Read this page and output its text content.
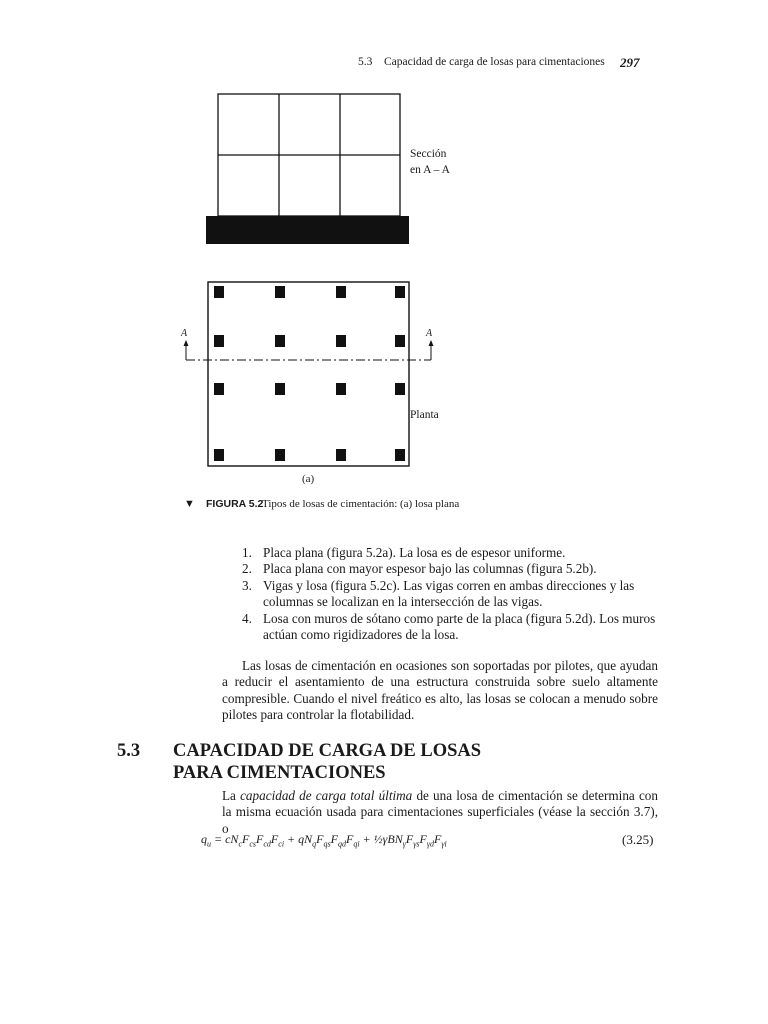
5.3 Capacidad de carga de losas para cimentaciones 297
Sección
en A – A
Planta
A	A
(a)
▼ FIGURA 5.2Tipos de losas de cimentación: (a) losa plana
1. Placa plana (figura 5.2a). La losa es de espesor uniforme.
2. Placa plana con mayor espesor bajo las columnas (figura 5.2b).
3. Vigas y losa (figura 5.2c). Las vigas corren en ambas direcciones y las columnas se localizan en la intersección de las vigas.
4. Losa con muros de sótano como parte de la placa (figura 5.2d). Los muros actúan como rigidizadores de la losa.

Las losas de cimentación en ocasiones son soportadas por pilotes, que ayudan a reducir el asentamiento de una estructura construida sobre suelo altamente compresible. Cuando el nivel freático es alto, las losas se colocan a menudo sobre pilotes para controlar la flotabilidad.

5.3 CAPACIDAD DE CARGA DE LOSAS
PARA CIMENTACIONES

La capacidad de carga total última de una losa de cimentación se determina con la misma ecuación usada para cimentaciones superficiales (véase la sección 3.7), o

$q_u = cN_cF_{cs}F_{cd}F_{ci} + qN_qF_{qs}F_{qd}F_{qi}$ + $\frac{1}{2}\gamma BN_\gamma F_{\gamma s}F_{\gamma d}F_{\gamma i}$	(3.25)
